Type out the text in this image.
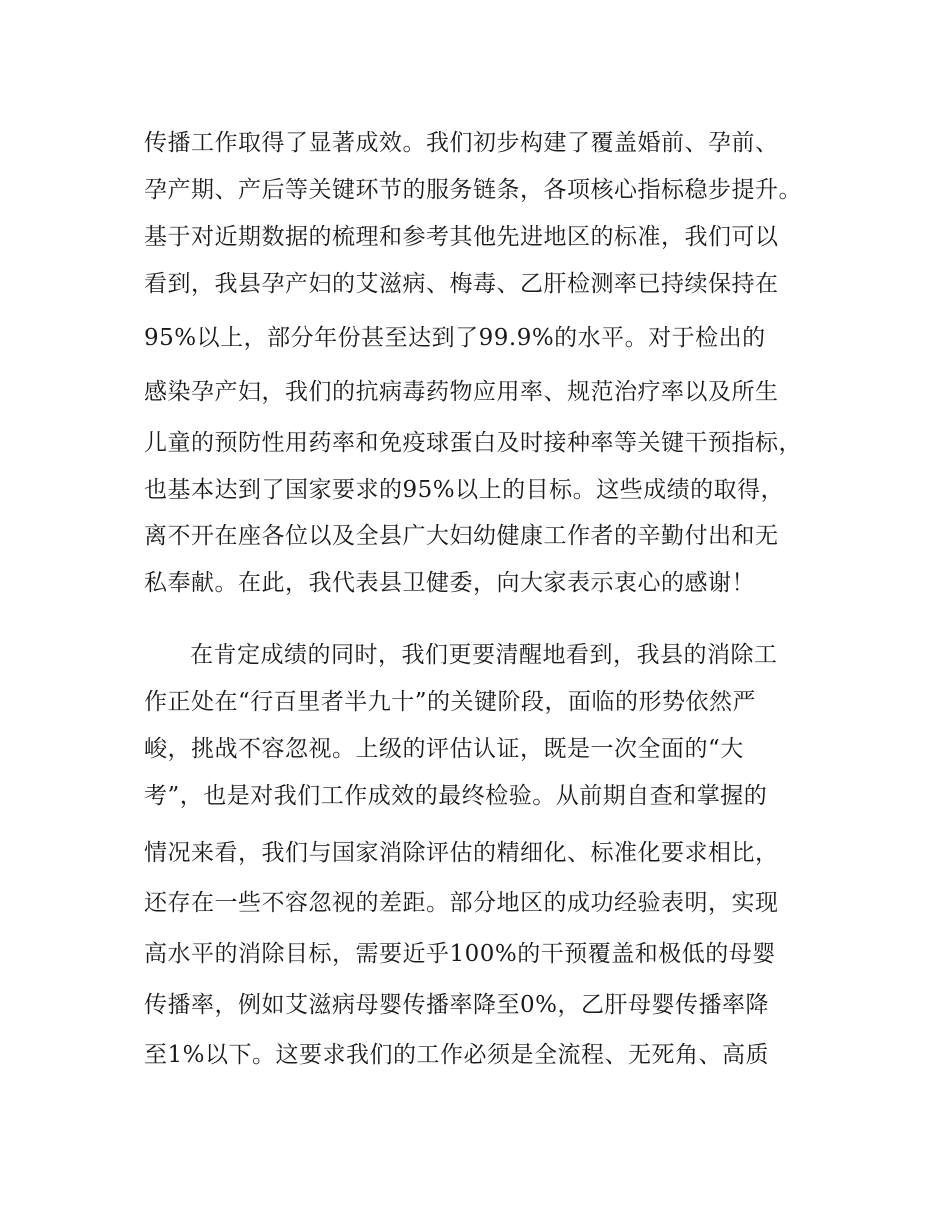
传播工作取得了显著成效。我们初步构建了覆盖婚前、孕前、

孕产期、产后等关键环节的服务链条，各项核心指标稳步提升。

基于对近期数据的梳理和参考其他先进地区的标准，我们可以

看到，我县孕产妇的艾滋病、梅毒、乙肝检测率已持续保持在

95%以上，部分年份甚至达到了99.9%的水平。对于检出的

感染孕产妇，我们的抗病毒药物应用率、规范治疗率以及所生

儿童的预防性用药率和免疫球蛋白及时接种率等关键干预指标，

也基本达到了国家要求的95%以上的目标。这些成绩的取得，

离不开在座各位以及全县广大妇幼健康工作者的辛勤付出和无

私奉献。在此，我代表县卫健委，向大家表示衷心的感谢！

在肯定成绩的同时，我们更要清醒地看到，我县的消除工

作正处在“行百里者半九十”的关键阶段，面临的形势依然严

峻，挑战不容忽视。上级的评估认证，既是一次全面的“大

考”，也是对我们工作成效的最终检验。从前期自查和掌握的

情况来看，我们与国家消除评估的精细化、标准化要求相比，

还存在一些不容忽视的差距。部分地区的成功经验表明，实现

高水平的消除目标，需要近乎100%的干预覆盖和极低的母婴

传播率，例如艾滋病母婴传播率降至0%，乙肝母婴传播率降

至1%以下。这要求我们的工作必须是全流程、无死角、高质
